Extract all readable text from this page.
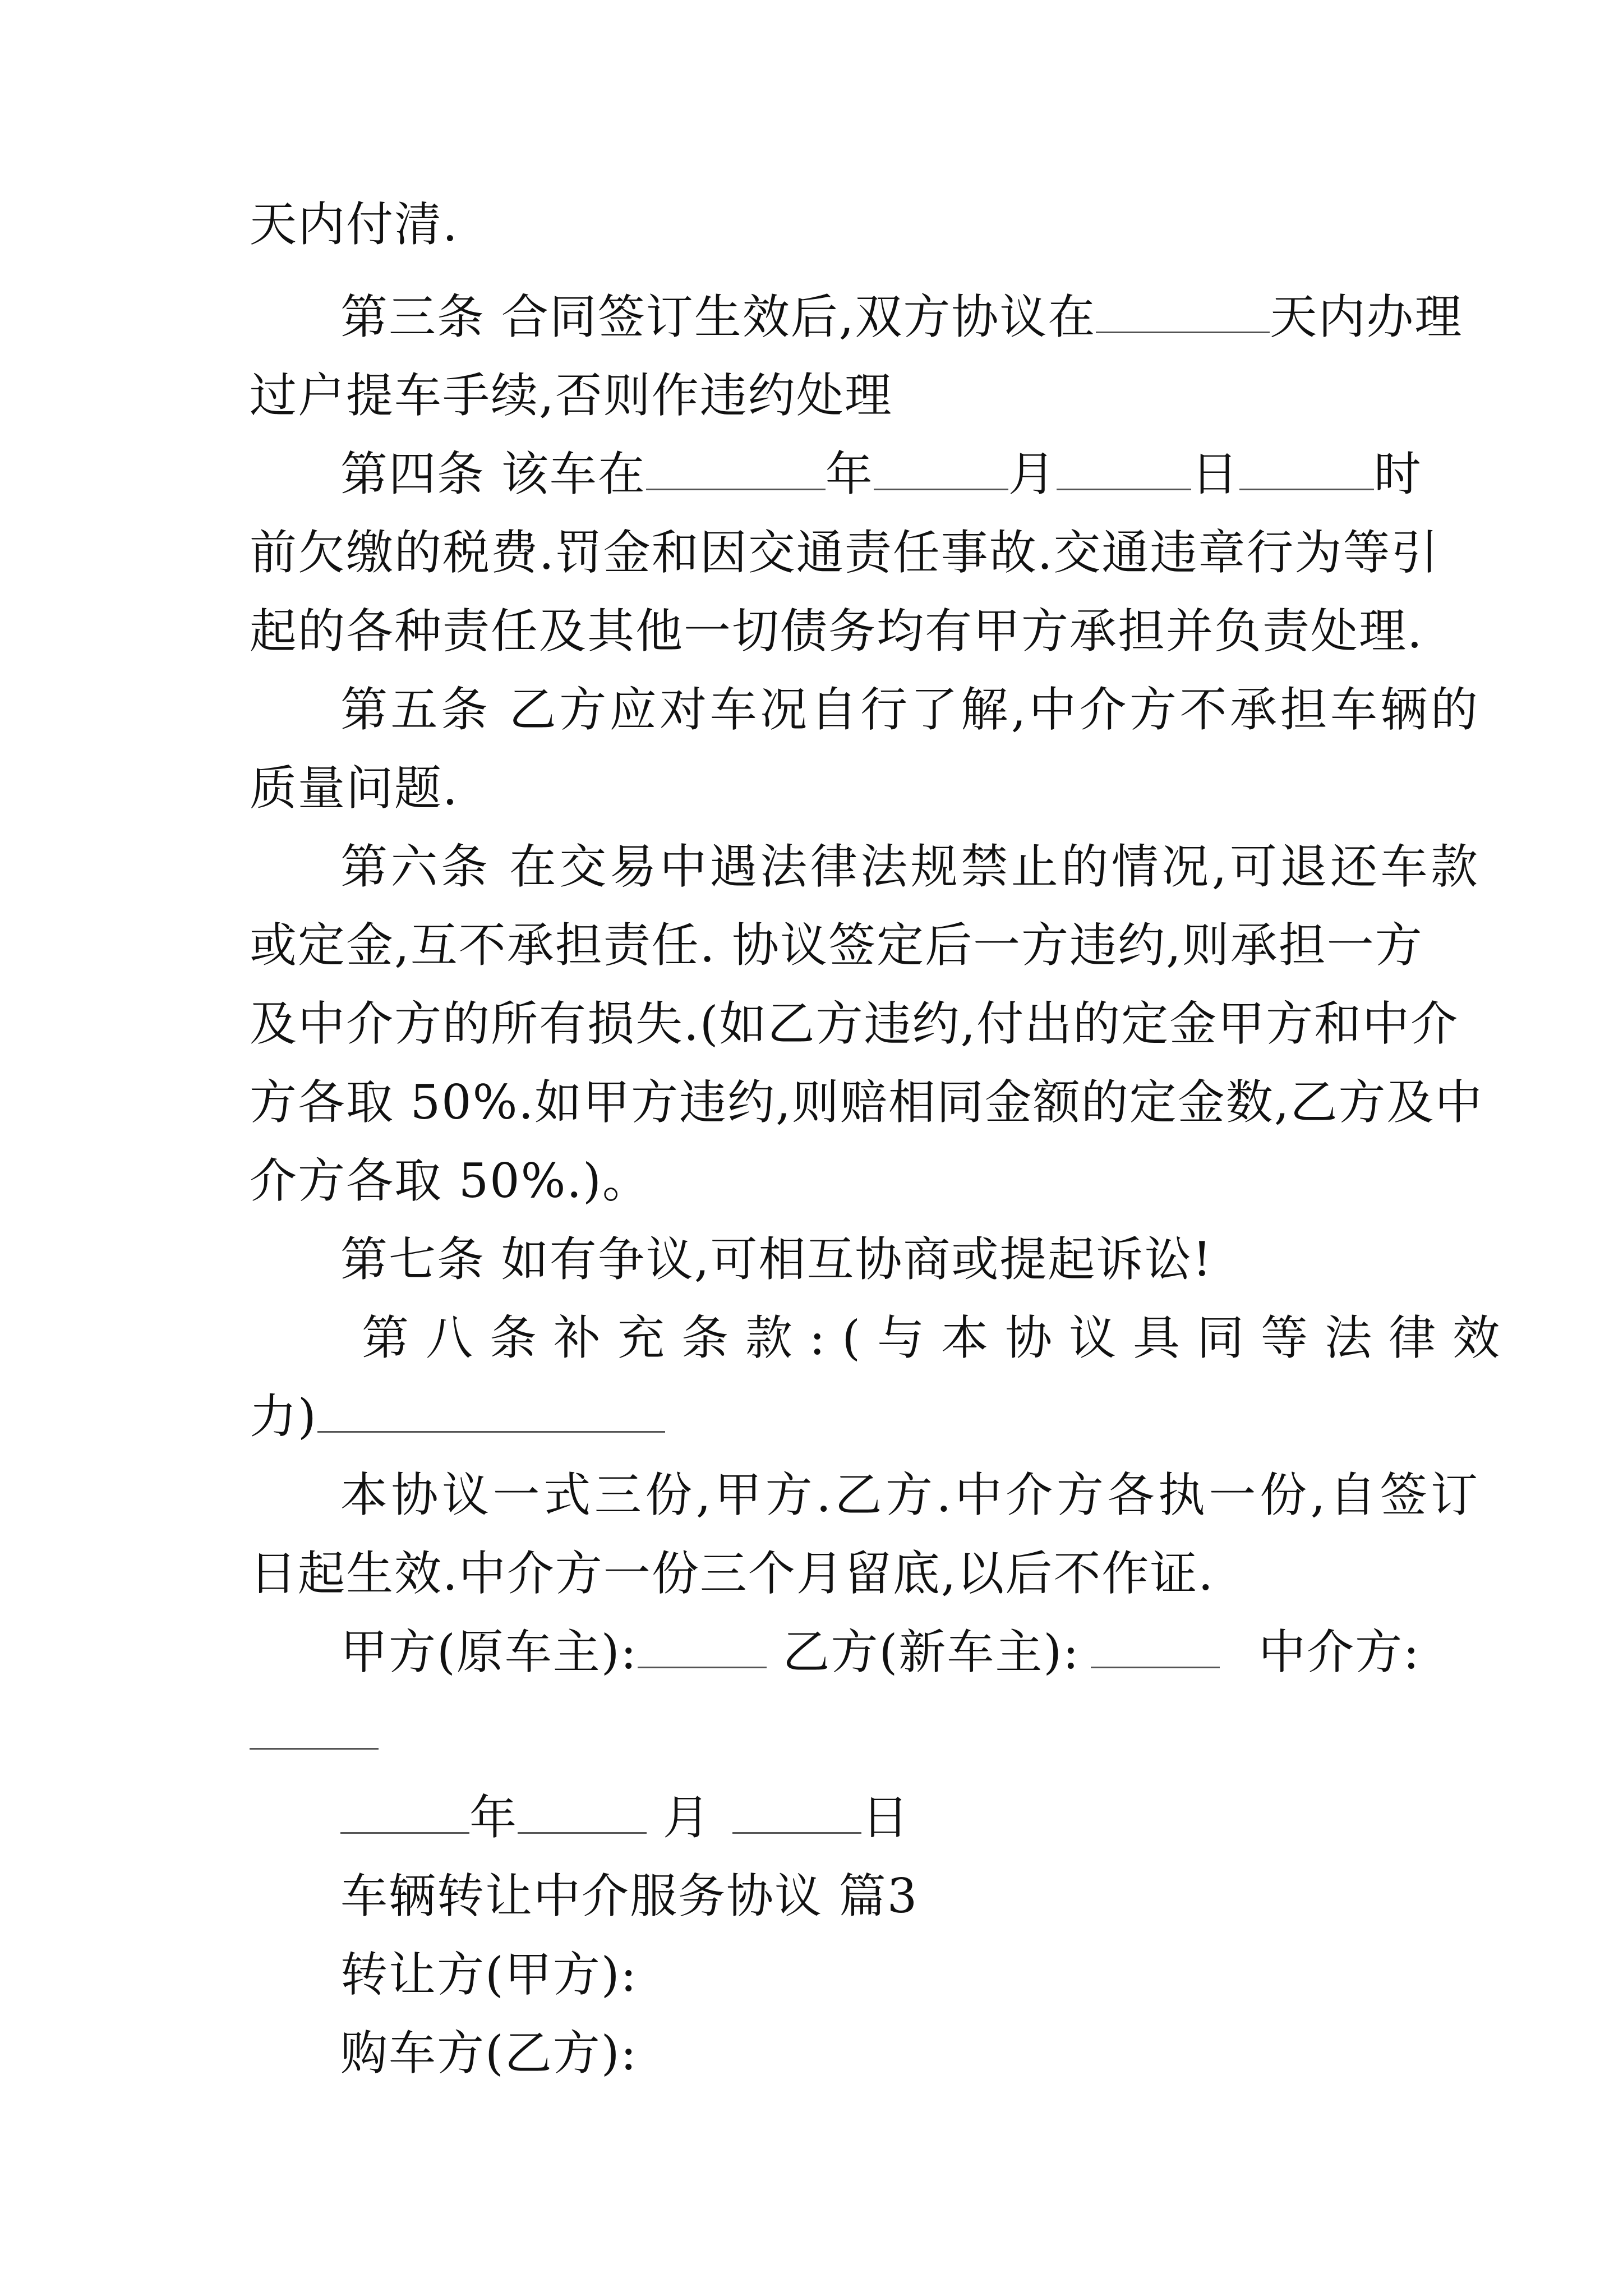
天内付清.
第三条 合同签订生效后,双方协议在	天内办理
过户提车手续,否则作违约处理
第四条 该车在	年	月	日	时
前欠缴的税费.罚金和因交通责任事故.交通违章行为等引
起的各种责任及其他一切债务均有甲方承担并负责处理.
第五条 乙方应对车况自行了解,中介方不承担车辆的
质量问题.
第六条 在交易中遇法律法规禁止的情况,可退还车款
或定金,互不承担责任. 协议签定后一方违约,则承担一方
及中介方的所有损失.(如乙方违约,付出的定金甲方和中介
方各取 50%.如甲方违约,则赔相同金额的定金数,乙方及中
介方各取 50%.)。
第七条 如有争议,可相互协商或提起诉讼!
第八条补充条款:(与本协议具同等法律效
力)
本协议一式三份,甲方.乙方.中介方各执一份,自签订
日起生效.中介方一份三个月留底,以后不作证.
甲方(原车主):	乙方(新车主):	中介方:
年	月	日
车辆转让中介服务协议 篇3
转让方(甲方):
购车方(乙方):
